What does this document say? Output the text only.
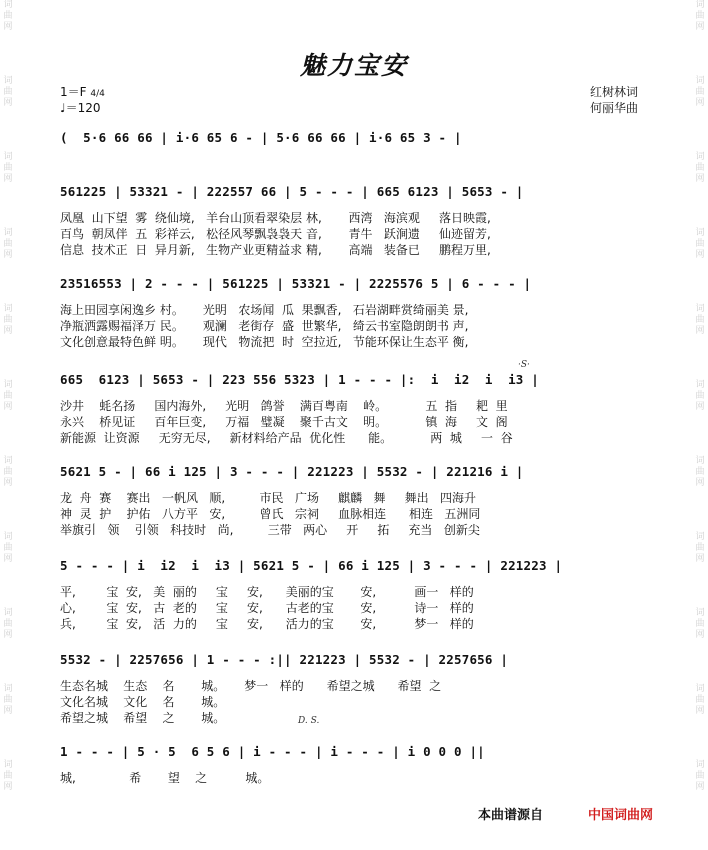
词
曲
网
词
曲
网
词
曲
网
词
曲
网
词
曲
网
词
曲
网
词
曲
网
词
曲
网
词
曲
网
词
曲
网
词
曲
网
词
曲
网
词
曲
网
词
曲
网
词
曲
网
词
曲
网
词
曲
网
词
曲
网
词
曲
网
词
曲
网
词
曲
网
词
曲
网
魅力宝安
1＝F 4/4
♩＝120
红树林词
何丽华曲
(  5·6 66 66 | i·6 65 6 - | 5·6 66 66 | i·6 65 3 - |
561225 | 53321 - | 222557 66 | 5 - - - | 665 6123 | 5653 - |
凤凰  山下望  雾  绕仙境,   羊台山顶看翠染层 林,       西湾   海滨观     落日映霞,
百鸟  朝凤伴  五  彩祥云,   松径风琴飘袅袅天 音,       青牛   跃涧遗     仙迹留芳,
信息  技术正  日  异月新,   生物产业更精益求 精,       高端   装备已     鹏程万里,
23516553 | 2 - - - | 561225 | 53321 - | 2225576 5 | 6 - - - |
海上田园享闲逸乡 村。     光明   农场闻  瓜  果飘香,   石岩湖畔赏绮丽美 景,
净瓶洒露赐福泽万 民。     观澜   老街存  盛  世繁华,   绮云书室隐朗朗书 声,
文化创意最特色鲜 明。     现代   物流把  时  空拉近,   节能环保让生态平 衡,
665  6123 | 5653 - | 223 556 5323 | 1 - - - |:  i  i2  i  i3 |
沙井    蚝名扬     国内海外,     光明   鸽誉    满百粤南    岭。          五  指     耙  里
永兴    桥见证     百年巨变,     万福   璧凝    聚千古文    明。          镇  海     文  阁
新能源  让资源     无穷无尽,     新材料给产品  优化性      能。          两  城     一  谷
5621 5 - | 66 i 125 | 3 - - - | 221223 | 5532 - | 221216 i |
龙  舟  赛    赛出   一帆风   顺,         市民   广场     麒麟   舞     舞出   四海升
神  灵  护    护佑   八方平   安,         曾氏   宗祠     血脉相连      相连   五洲同
举旗引   领    引领   科技时   尚,         三带   两心     开     拓     充当   创新尖
5 - - - | i  i2  i  i3 | 5621 5 - | 66 i 125 | 3 - - - | 221223 |
平,        宝  安,   美  丽的     宝     安,      美丽的宝       安,          画一   样的
心,        宝  安,   古  老的     宝     安,      古老的宝       安,          诗一   样的
兵,        宝  安,   活  力的     宝     安,      活力的宝       安,          梦一   样的
5532 - | 2257656 | 1 - - - :|| 221223 | 5532 - | 2257656 |
生态名城    生态    名       城。     梦一   样的      希望之城      希望  之
文化名城    文化    名       城。
希望之城    希望    之       城。
1 - - - | 5 · 5  6 5 6 | i - - - | i - - - | i 0 0 0 ||
城,              希       望    之          城。
·S·
D. S.
本曲谱源自	中国词曲网
